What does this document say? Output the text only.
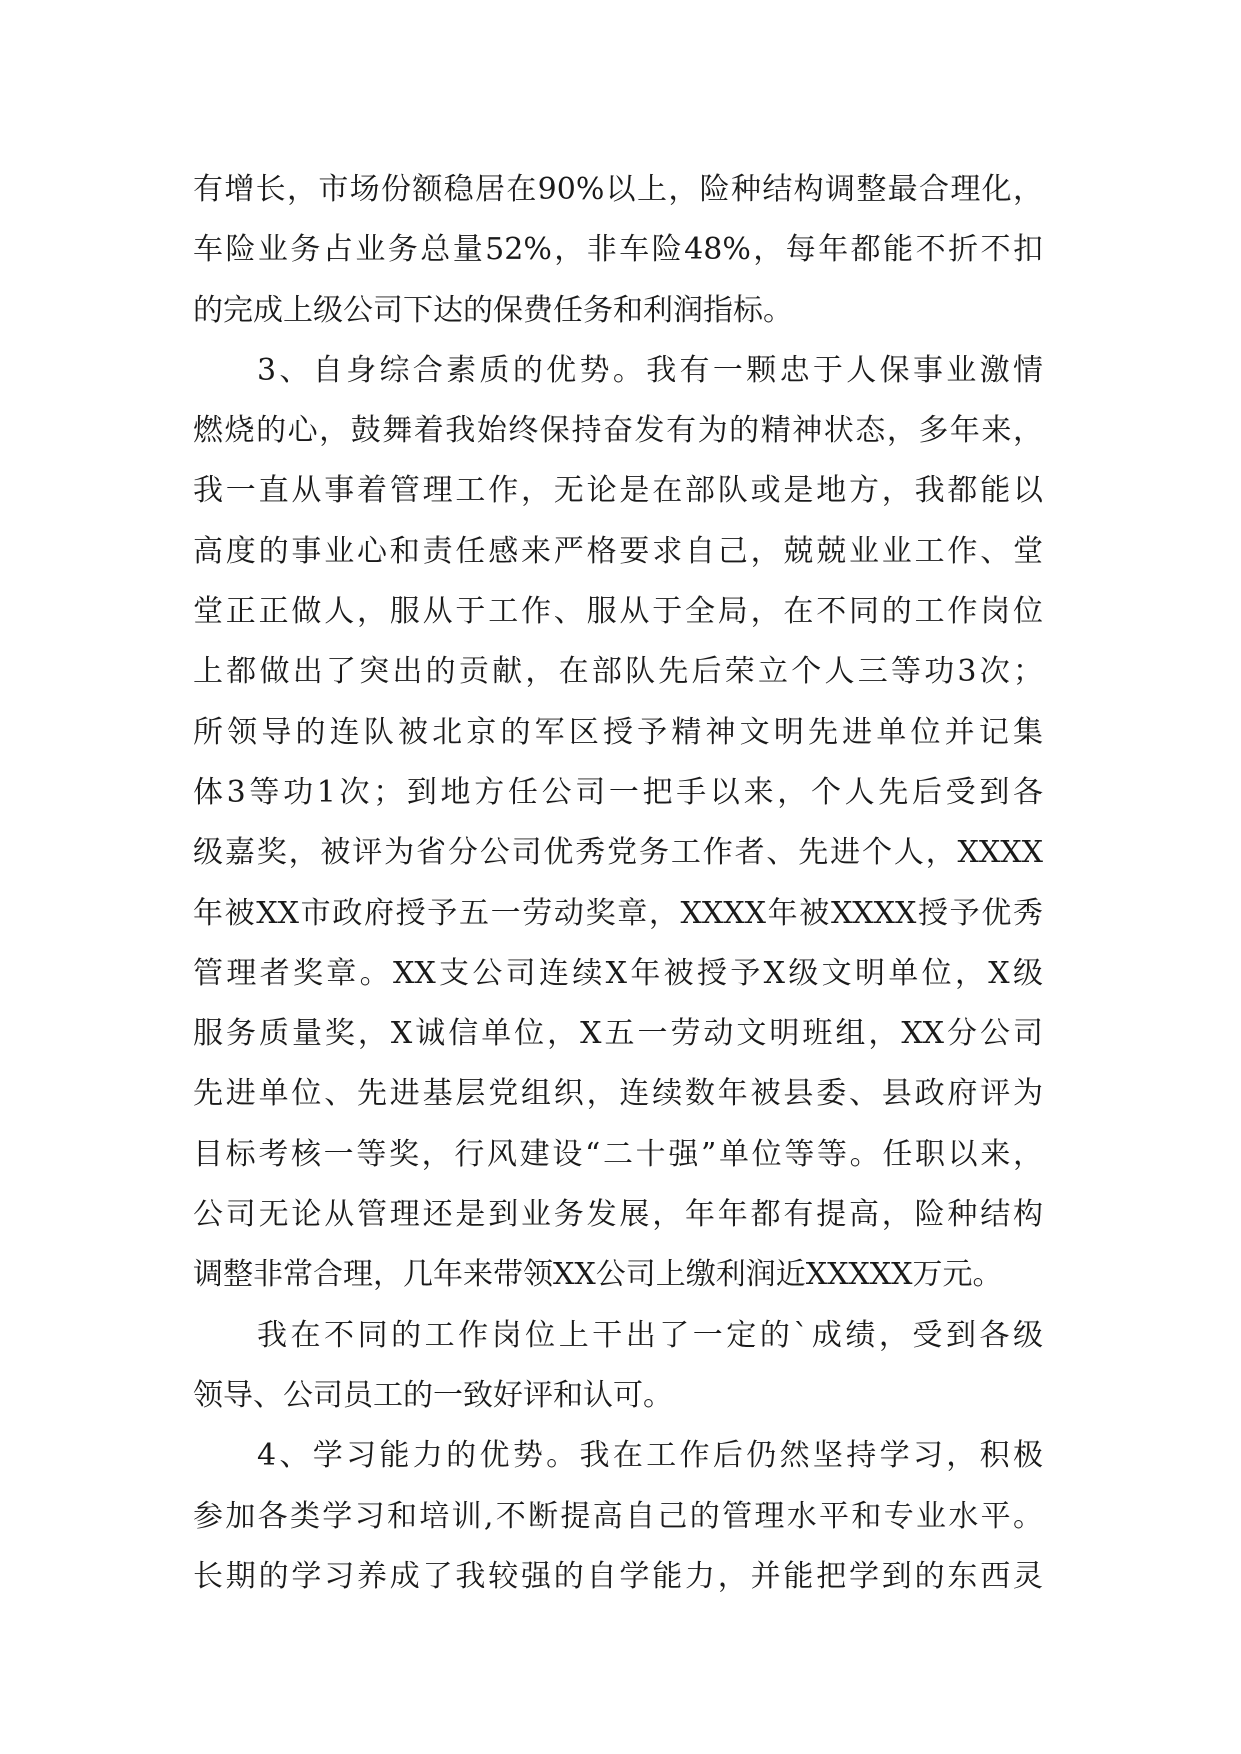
有增长，市场份额稳居在90%以上，险种结构调整最合理化，
车险业务占业务总量52%，非车险48%，每年都能不折不扣
的完成上级公司下达的保费任务和利润指标。
3、自身综合素质的优势。我有一颗忠于人保事业激情
燃烧的心，鼓舞着我始终保持奋发有为的精神状态，多年来，
我一直从事着管理工作，无论是在部队或是地方，我都能以
高度的事业心和责任感来严格要求自己，兢兢业业工作、堂
堂正正做人，服从于工作、服从于全局，在不同的工作岗位
上都做出了突出的贡献，在部队先后荣立个人三等功3次；
所领导的连队被北京的军区授予精神文明先进单位并记集
体3等功1次；到地方任公司一把手以来，个人先后受到各
级嘉奖，被评为省分公司优秀党务工作者、先进个人，XXXX
年被XX市政府授予五一劳动奖章，XXXX年被XXXX授予优秀
管理者奖章。XX支公司连续X年被授予X级文明单位，X级
服务质量奖，X诚信单位，X五一劳动文明班组，XX分公司
先进单位、先进基层党组织，连续数年被县委、县政府评为
目标考核一等奖，行风建设“二十强”单位等等。任职以来，
公司无论从管理还是到业务发展，年年都有提高，险种结构
调整非常合理，几年来带领XX公司上缴利润近XXXXX万元。
我在不同的工作岗位上干出了一定的`成绩，受到各级
领导、公司员工的一致好评和认可。
4、学习能力的优势。我在工作后仍然坚持学习，积极
参加各类学习和培训,不断提高自己的管理水平和专业水平。
长期的学习养成了我较强的自学能力，并能把学到的东西灵
